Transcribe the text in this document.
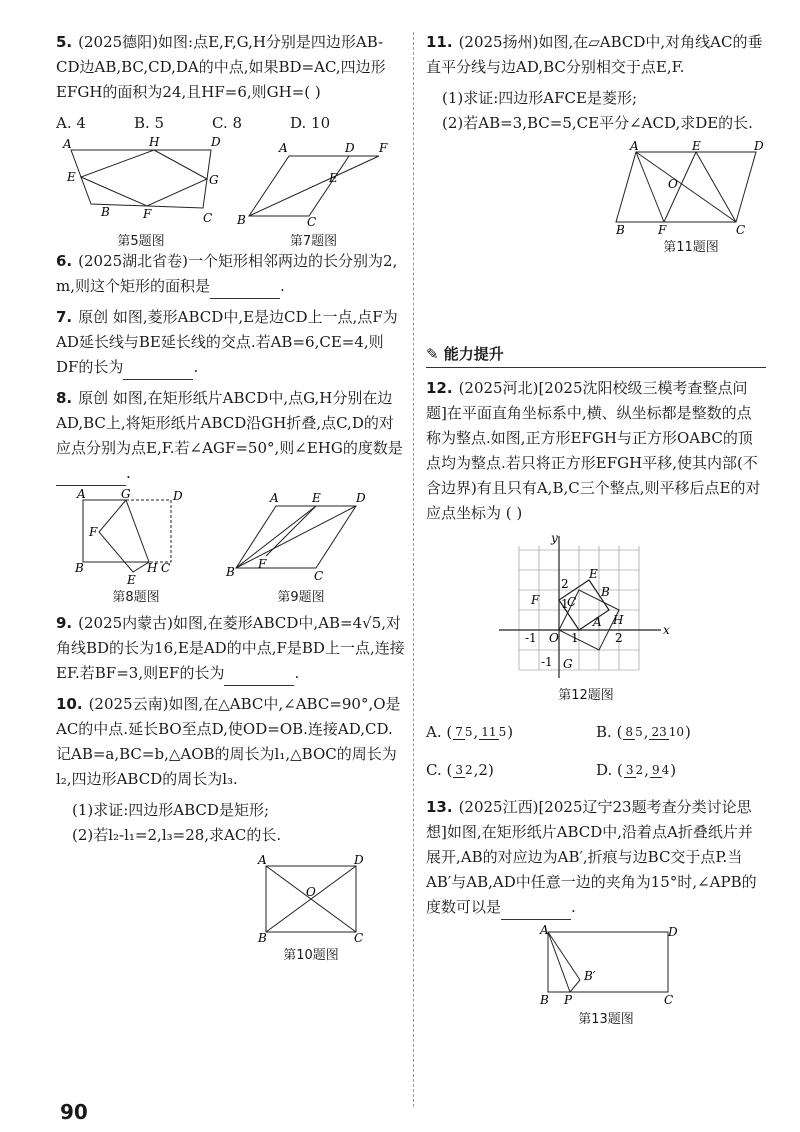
5. (2025德阳)如图:点E,F,G,H分别是四边形AB-CD边AB,BC,CD,DA的中点,如果BD=AC,四边形EFGH的面积为24,且HF=6,则GH=( )
A. 4	B. 5	C. 8	D. 10
A	H	D
E	G
B	F	C
第5题图
A	D F
E
B	C
第7题图
6. (2025湖北省卷)一个矩形相邻两边的长分别为2, m,则这个矩形的面积是	.
7. 原创 如图,菱形ABCD中,E是边CD上一点,点F为AD延长线与BE延长线的交点.若AB=6,CE=4,则DF的长为	.
8. 原创 如图,在矩形纸片ABCD中,点G,H分别在边AD,BC上,将矩形纸片ABCD沿GH折叠,点C,D的对应点分别为点E,F.若∠AGF=50°,则∠EHG的度数是.
A	G	D
F
B	H C
E
第8题图
A	E	D
B
F
C
第9题图
9. (2025内蒙古)如图,在菱形ABCD中,AB=4√5,对角线BD的长为16,E是AD的中点,F是BD上一点,连接EF.若BF=3,则EF的长为	.
10. (2025云南)如图,在△ABC中,∠ABC=90°,O是AC的中点.延长BO至点D,使OD=OB.连接AD,CD.记AB=a,BC=b,△AOB的周长为l₁,△BOC的周长为l₂,四边形ABCD的周长为l₃.
(1)求证:四边形ABCD是矩形;
(2)若l₂-l₁=2,l₃=28,求AC的长.
A	D
O
B	C
第10题图
11. (2025扬州)如图,在▱ABCD中,对角线AC的垂直平分线与边AD,BC分别相交于点E,F.
(1)求证:四边形AFCE是菱形;
(2)若AB=3,BC=5,CE平分∠ACD,求DE的长.
A	E	D
O
B	F	C
第11题图
✎ 能力提升
12. (2025河北)[2025沈阳校级三模考查整点问题]在平面直角坐标系中,横、纵坐标都是整数的点称为整点.如图,正方形EFGH与正方形OABC的顶点均为整点.若只将正方形EFGH平移,使其内部(不含边界)有且只有A,B,C三个整点,则平移后点E的对应点坐标为 ( )
y
x
E
B
C
F
A H
O
G
2
1
-1	1	2
-1
第12题图
A. ( 7 5, 11 5)	B. ( 8 5, 23 10)
C. ( 3 2,2)	D. ( 3 2, 9 4)
13. (2025江西)[2025辽宁23题考查分类讨论思想]如图,在矩形纸片ABCD中,沿着点A折叠纸片并展开,AB的对应边为AB′,折痕与边BC交于点P.当AB′与AB,AD中任意一边的夹角为15°时,∠APB的度数可以是	.
A	D
B′
B P	C
第13题图
90
